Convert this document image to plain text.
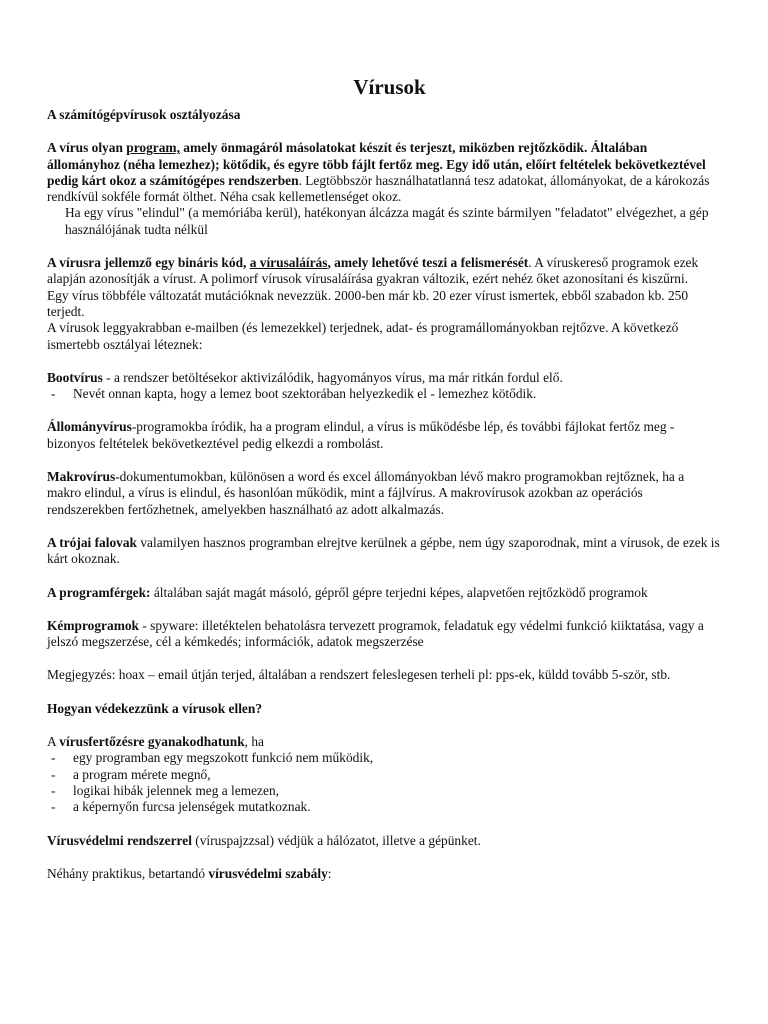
Vírusok

A számítógépvírusok osztályozása

A vírus olyan program, amely önmagáról másolatokat készít és terjeszt, miközben rejtőzködik. Általában állományhoz (néha lemezhez); kötődik, és egyre több fájlt fertőz meg. Egy idő után, előírt feltételek bekövetkeztével pedig kárt okoz a számítógépes rendszerben. Legtöbbször használhatatlanná tesz adatokat, állományokat, de a károkozás rendkívül sokféle formát ölthet. Néha csak kellemetlenséget okoz.

Ha egy vírus "elindul" (a memóriába kerül), hatékonyan álcázza magát és szinte bármilyen "feladatot" elvégezhet, a gép használójának tudta nélkül

A vírusra jellemző egy bináris kód, a vírusaláírás, amely lehetővé teszi a felismerését. A víruskereső programok ezek alapján azonosítják a vírust. A polimorf vírusok vírusaláírása gyakran változik, ezért nehéz őket azonosítani és kiszűrni.

Egy vírus többféle változatát mutációknak nevezzük. 2000-ben már kb. 20 ezer vírust ismertek, ebből szabadon kb. 250 terjedt.

A vírusok leggyakrabban e-mailben (és lemezekkel) terjednek, adat- és programállományokban rejtőzve. A következő ismertebb osztályai léteznek:

Bootvírus - a rendszer betöltésekor aktivizálódik, hagyományos vírus, ma már ritkán fordul elő.

- Nevét onnan kapta, hogy a lemez boot szektorában helyezkedik el - lemezhez kötődik.

Állományvírus-programokba íródik, ha a program elindul, a vírus is működésbe lép, és további fájlokat fertőz meg - bizonyos feltételek bekövetkeztével pedig elkezdi a rombolást.

Makrovírus-dokumentumokban, különösen a word és excel állományokban lévő makro programokban rejtőznek, ha a makro elindul, a vírus is elindul, és hasonlóan működik, mint a fájlvírus. A makrovírusok azokban az operációs rendszerekben fertőzhetnek, amelyekben használható az adott alkalmazás.

A trójai falovak valamilyen hasznos programban elrejtve kerülnek a gépbe, nem úgy szaporodnak, mint a vírusok, de ezek is kárt okoznak.

A programférgek: általában saját magát másoló, gépről gépre terjedni képes, alapvetően rejtőzködő programok

Kémprogramok - spyware: illetéktelen behatolásra tervezett programok, feladatuk egy védelmi funkció kiiktatása, vagy a jelszó megszerzése, cél a kémkedés; információk, adatok megszerzése

Megjegyzés: hoax – email útján terjed, általában a rendszert feleslegesen terheli pl: pps-ek, küldd tovább 5-ször, stb.

Hogyan védekezzünk a vírusok ellen?

A vírusfertőzésre gyanakodhatunk, ha

- egy programban egy megszokott funkció nem működik,

- a program mérete megnő,

- logikai hibák jelennek meg a lemezen,

- a képernyőn furcsa jelenségek mutatkoznak.

Vírusvédelmi rendszerrel (víruspajzzsal) védjük a hálózatot, illetve a gépünket.

Néhány praktikus, betartandó vírusvédelmi szabály:
